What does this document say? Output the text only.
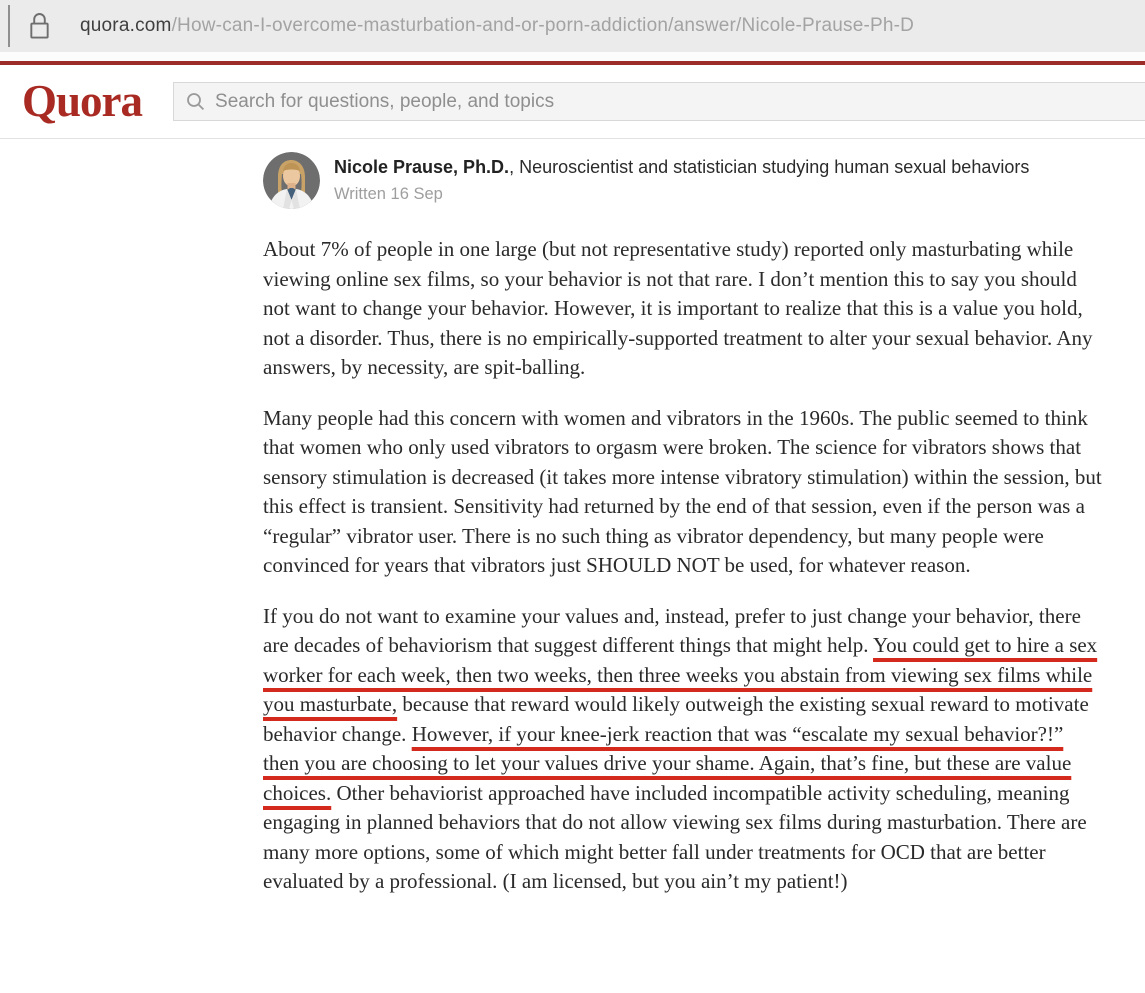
quora.com/How-can-I-overcome-masturbation-and-or-porn-addiction/answer/Nicole-Prause-Ph-D
Quora
Search for questions, people, and topics
Nicole Prause, Ph.D., Neuroscientist and statistician studying human sexual behaviors
Written 16 Sep

About 7% of people in one large (but not representative study) reported only masturbating while viewing online sex films, so your behavior is not that rare. I don’t mention this to say you should not want to change your behavior. However, it is important to realize that this is a value you hold, not a disorder. Thus, there is no empirically-supported treatment to alter your sexual behavior. Any answers, by necessity, are spit-balling.

Many people had this concern with women and vibrators in the 1960s. The public seemed to think that women who only used vibrators to orgasm were broken. The science for vibrators shows that sensory stimulation is decreased (it takes more intense vibratory stimulation) within the session, but this effect is transient. Sensitivity had returned by the end of that session, even if the person was a “regular” vibrator user. There is no such thing as vibrator dependency, but many people were convinced for years that vibrators just SHOULD NOT be used, for whatever reason.

If you do not want to examine your values and, instead, prefer to just change your behavior, there are decades of behaviorism that suggest different things that might help. You could get to hire a sex worker for each week, then two weeks, then three weeks you abstain from viewing sex films while you masturbate, because that reward would likely outweigh the existing sexual reward to motivate behavior change. However, if your knee-jerk reaction that was “escalate my sexual behavior?!” then you are choosing to let your values drive your shame. Again, that’s fine, but these are value choices. Other behaviorist approached have included incompatible activity scheduling, meaning engaging in planned behaviors that do not allow viewing sex films during masturbation. There are many more options, some of which might better fall under treatments for OCD that are better evaluated by a professional. (I am licensed, but you ain’t my patient!)
